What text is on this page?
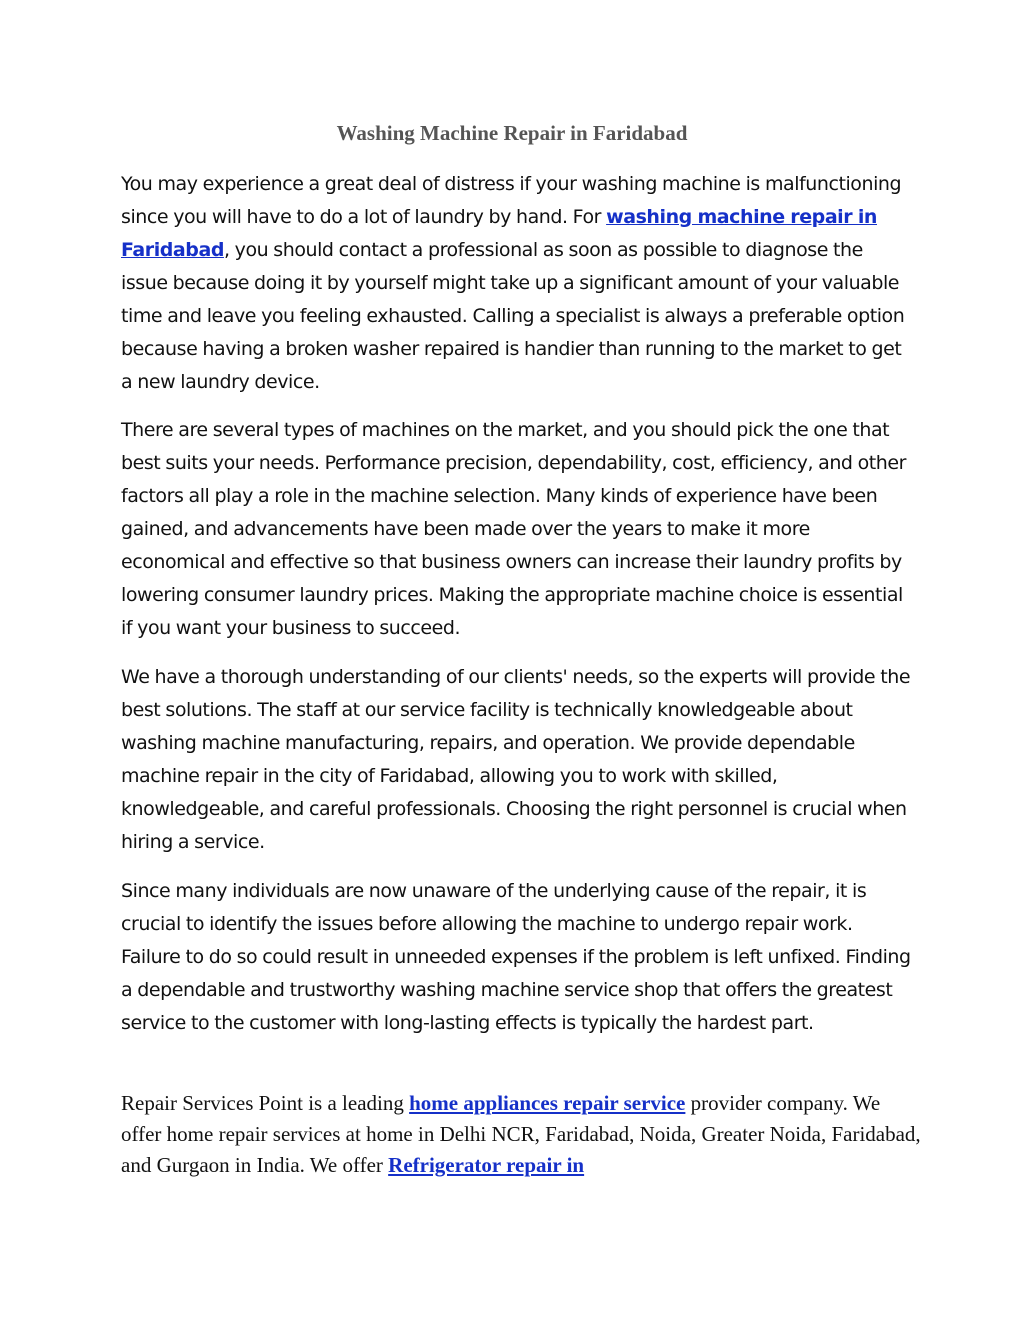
Washing Machine Repair in Faridabad

You may experience a great deal of distress if your washing machine is malfunctioning since you will have to do a lot of laundry by hand. For washing machine repair in Faridabad, you should contact a professional as soon as possible to diagnose the issue because doing it by yourself might take up a significant amount of your valuable time and leave you feeling exhausted. Calling a specialist is always a preferable option because having a broken washer repaired is handier than running to the market to get a new laundry device.

There are several types of machines on the market, and you should pick the one that best suits your needs. Performance precision, dependability, cost, efficiency, and other factors all play a role in the machine selection. Many kinds of experience have been gained, and advancements have been made over the years to make it more economical and effective so that business owners can increase their laundry profits by lowering consumer laundry prices. Making the appropriate machine choice is essential if you want your business to succeed.

We have a thorough understanding of our clients' needs, so the experts will provide the best solutions. The staff at our service facility is technically knowledgeable about washing machine manufacturing, repairs, and operation. We provide dependable machine repair in the city of Faridabad, allowing you to work with skilled, knowledgeable, and careful professionals. Choosing the right personnel is crucial when hiring a service.

Since many individuals are now unaware of the underlying cause of the repair, it is crucial to identify the issues before allowing the machine to undergo repair work. Failure to do so could result in unneeded expenses if the problem is left unfixed. Finding a dependable and trustworthy washing machine service shop that offers the greatest service to the customer with long-lasting effects is typically the hardest part.

Repair Services Point is a leading home appliances repair service provider company. We offer home repair services at home in Delhi NCR, Faridabad, Noida, Greater Noida, Faridabad, and Gurgaon in India. We offer Refrigerator repair in
